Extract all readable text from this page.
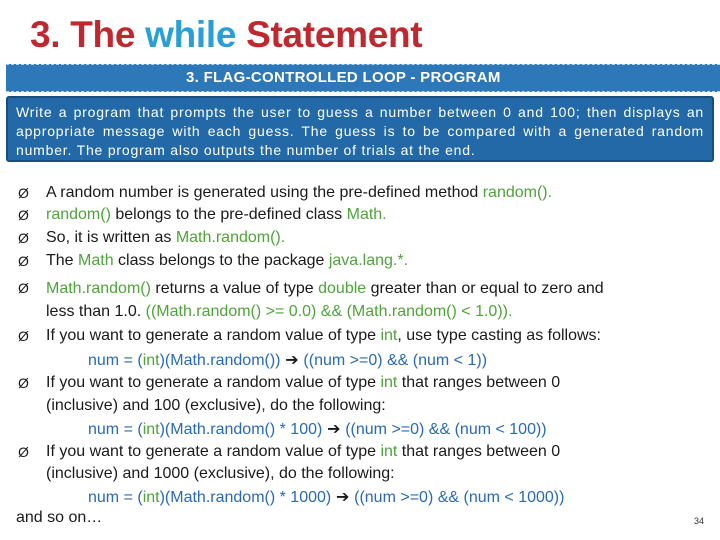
3. The while Statement
3. FLAG-CONTROLLED LOOP - PROGRAM
Write a program that prompts the user to guess a number between 0 and 100; then displays an appropriate message with each guess. The guess is to be compared with a generated random number. The program also outputs the number of trials at the end.
Ø
Ø
Ø
Ø
Ø
Ø
Ø
Ø
A random number is generated using the pre-defined method random().
random() belongs to the pre-defined class Math.
So, it is written as Math.random().
The Math class belongs to the package java.lang.*.
Math.random() returns a value of type double greater than or equal to zero and
less than 1.0. ((Math.random() >= 0.0) && (Math.random() < 1.0)).
If you want to generate a random value of type int, use type casting as follows:
num = (int)(Math.random()) ➔ ((num >=0) && (num < 1))
If you want to generate a random value of type int that ranges between 0
(inclusive) and 100 (exclusive), do the following:
num = (int)(Math.random() * 100) ➔ ((num >=0) && (num < 100))
If you want to generate a random value of type int that ranges between 0
(inclusive) and 1000 (exclusive), do the following:
num = (int)(Math.random() * 1000) ➔ ((num >=0) && (num < 1000))
and so on…	34
